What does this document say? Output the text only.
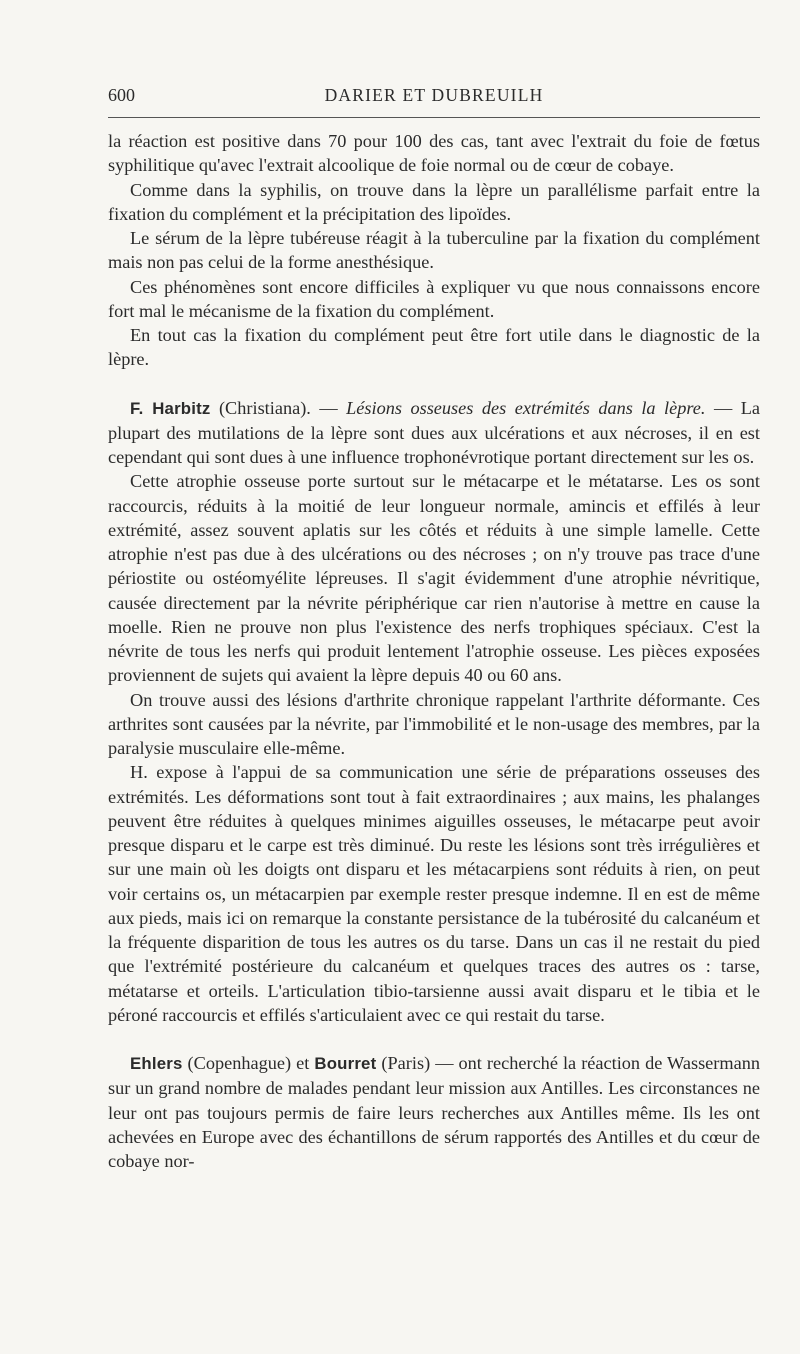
600	DARIER ET DUBREUILH

la réaction est positive dans 70 pour 100 des cas, tant avec l'extrait du foie de fœtus syphilitique qu'avec l'extrait alcoolique de foie normal ou de cœur de cobaye.

Comme dans la syphilis, on trouve dans la lèpre un parallélisme parfait entre la fixation du complément et la précipitation des lipoïdes.

Le sérum de la lèpre tubéreuse réagit à la tuberculine par la fixation du complément mais non pas celui de la forme anesthésique.

Ces phénomènes sont encore difficiles à expliquer vu que nous connaissons encore fort mal le mécanisme de la fixation du complément.

En tout cas la fixation du complément peut être fort utile dans le diagnostic de la lèpre.

F. Harbitz (Christiana). — Lésions osseuses des extrémités dans la lèpre. — La plupart des mutilations de la lèpre sont dues aux ulcérations et aux nécroses, il en est cependant qui sont dues à une influence trophonévrotique portant directement sur les os.

Cette atrophie osseuse porte surtout sur le métacarpe et le métatarse. Les os sont raccourcis, réduits à la moitié de leur longueur normale, amincis et effilés à leur extrémité, assez souvent aplatis sur les côtés et réduits à une simple lamelle. Cette atrophie n'est pas due à des ulcérations ou des nécroses ; on n'y trouve pas trace d'une périostite ou ostéomyélite lépreuses. Il s'agit évidemment d'une atrophie névritique, causée directement par la névrite périphérique car rien n'autorise à mettre en cause la moelle. Rien ne prouve non plus l'existence des nerfs trophiques spéciaux. C'est la névrite de tous les nerfs qui produit lentement l'atrophie osseuse. Les pièces exposées proviennent de sujets qui avaient la lèpre depuis 40 ou 60 ans.

On trouve aussi des lésions d'arthrite chronique rappelant l'arthrite déformante. Ces arthrites sont causées par la névrite, par l'immobilité et le non-usage des membres, par la paralysie musculaire elle-même.

H. expose à l'appui de sa communication une série de préparations osseuses des extrémités. Les déformations sont tout à fait extraordinaires ; aux mains, les phalanges peuvent être réduites à quelques minimes aiguilles osseuses, le métacarpe peut avoir presque disparu et le carpe est très diminué. Du reste les lésions sont très irrégulières et sur une main où les doigts ont disparu et les métacarpiens sont réduits à rien, on peut voir certains os, un métacarpien par exemple rester presque indemne. Il en est de même aux pieds, mais ici on remarque la constante persistance de la tubérosité du calcanéum et la fréquente disparition de tous les autres os du tarse. Dans un cas il ne restait du pied que l'extrémité postérieure du calcanéum et quelques traces des autres os : tarse, métatarse et orteils. L'articulation tibio-tarsienne aussi avait disparu et le tibia et le péroné raccourcis et effilés s'articulaient avec ce qui restait du tarse.

Ehlers (Copenhague) et Bourret (Paris) — ont recherché la réaction de Wassermann sur un grand nombre de malades pendant leur mission aux Antilles. Les circonstances ne leur ont pas toujours permis de faire leurs recherches aux Antilles même. Ils les ont achevées en Europe avec des échantillons de sérum rapportés des Antilles et du cœur de cobaye nor-
